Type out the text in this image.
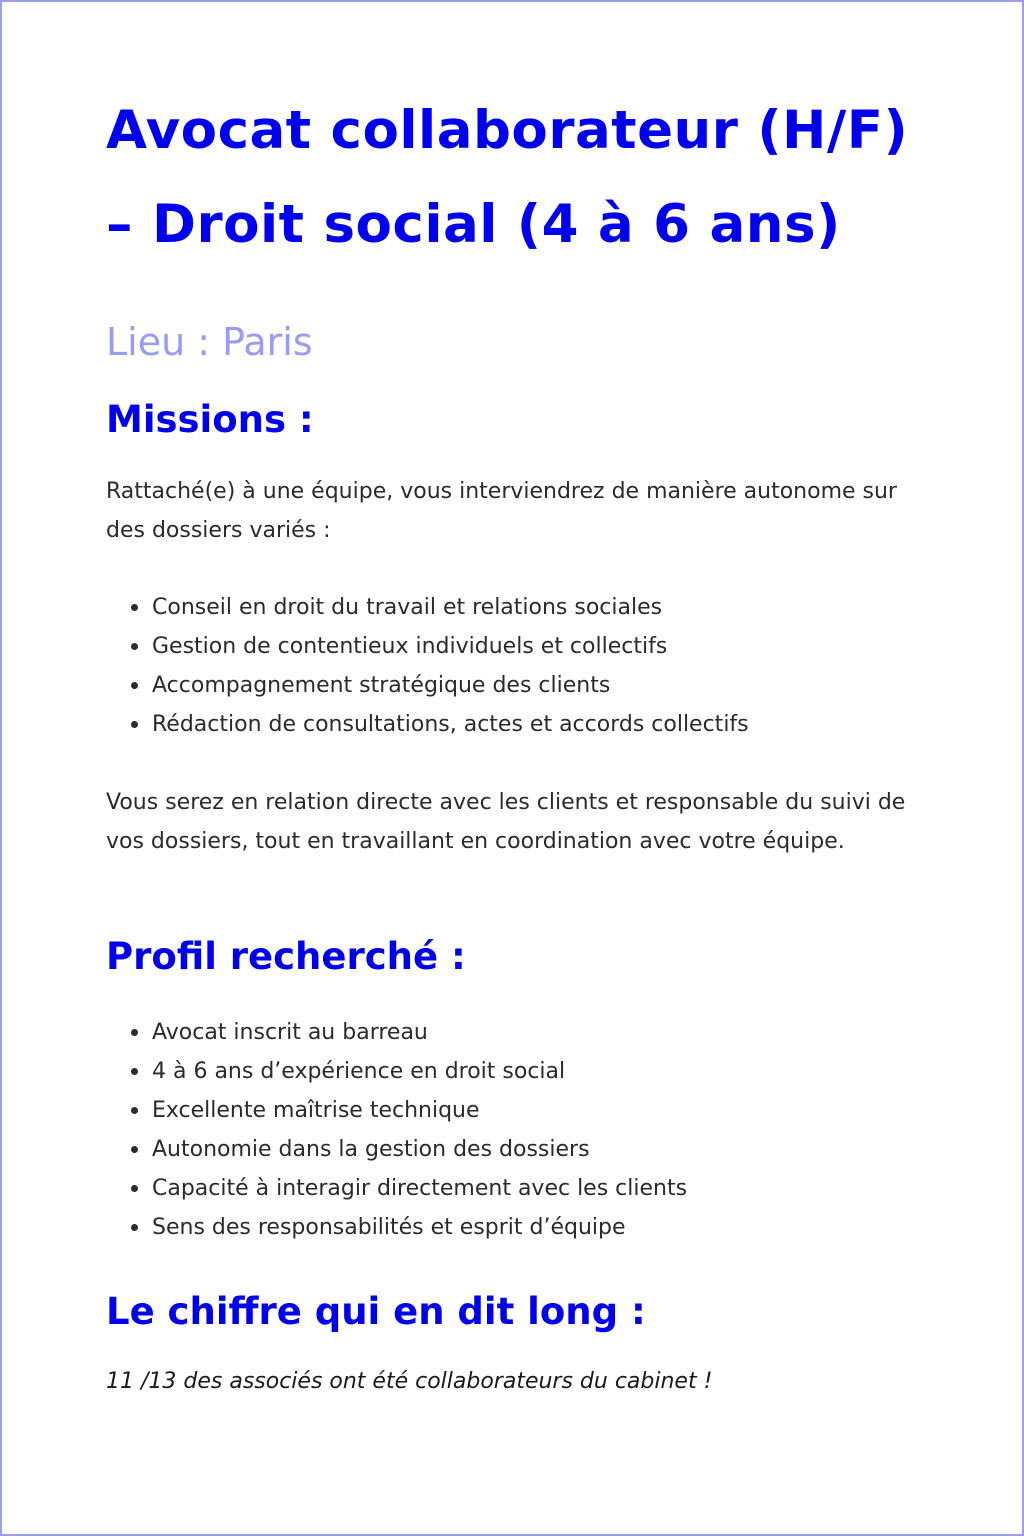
Avocat collaborateur (H/F)
– Droit social (4 à 6 ans)
Lieu : Paris
Missions :

Rattaché(e) à une équipe, vous interviendrez de manière autonome sur des dossiers variés :

Conseil en droit du travail et relations sociales
Gestion de contentieux individuels et collectifs
Accompagnement stratégique des clients
Rédaction de consultations, actes et accords collectifs

Vous serez en relation directe avec les clients et responsable du suivi de vos dossiers, tout en travaillant en coordination avec votre équipe.

Profil recherché :
Avocat inscrit au barreau
4 à 6 ans d’expérience en droit social
Excellente maîtrise technique
Autonomie dans la gestion des dossiers
Capacité à interagir directement avec les clients
Sens des responsabilités et esprit d’équipe
Le chiffre qui en dit long :

11 /13 des associés ont été collaborateurs du cabinet !
